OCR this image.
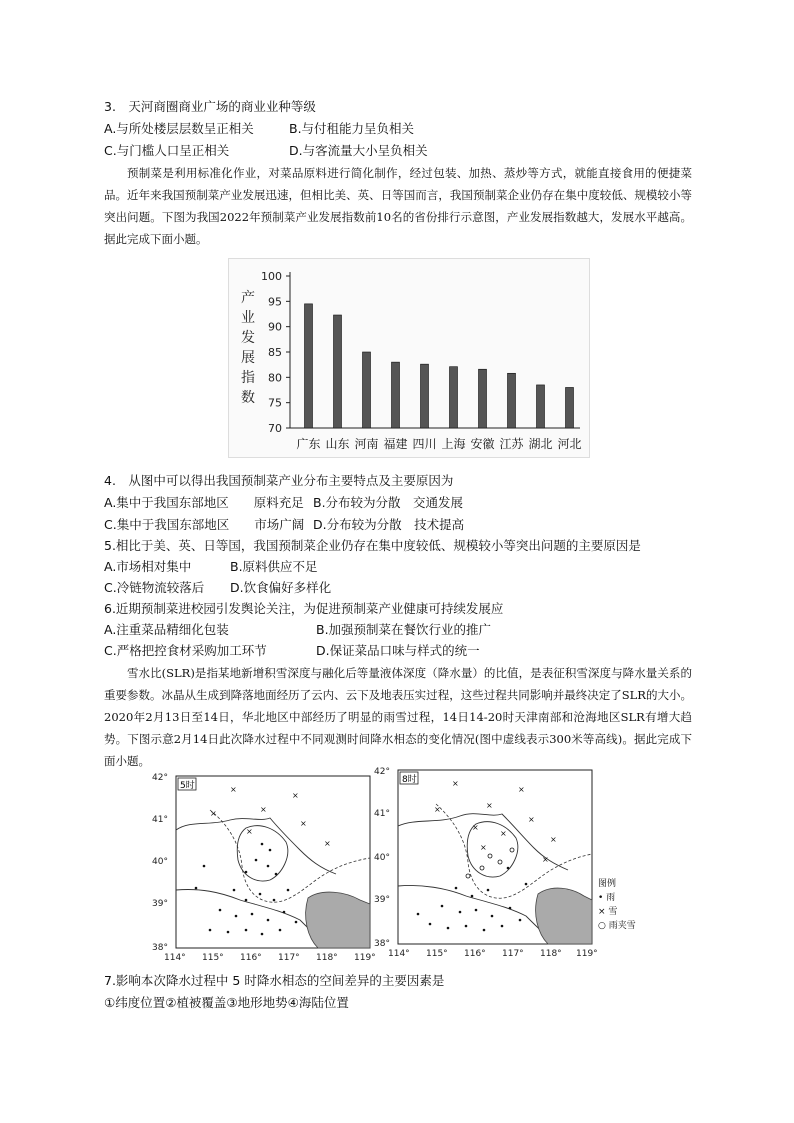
3.　天河商圈商业广场的商业业种等级
A.与所处楼层层数呈正相关	B.与付租能力呈负相关
C.与门槛人口呈正相关	D.与客流量大小呈负相关
预制菜是利用标准化作业，对菜品原料进行简化制作，经过包装、加热、蒸炒等方式，就能直接食用的便捷菜品。近年来我国预制菜产业发展迅速，但相比美、英、日等国而言，我国预制菜企业仍存在集中度较低、规模较小等突出问题。下图为我国2022年预制菜产业发展指数前10名的省份排行示意图，产业发展指数越大，发展水平越高。据此完成下面小题。
产
业
发
展
指
数
70
75
80
85
90
95
100
广东 山东 河南 福建 四川 上海 安徽 江苏 湖北 河北
4.　从图中可以得出我国预制菜产业分布主要特点及主要原因为
A.集中于我国东部地区　　原料充足 B.分布较为分散　交通发展
C.集中于我国东部地区　　市场广阔 D.分布较为分散　技术提高
5.相比于美、英、日等国，我国预制菜企业仍存在集中度较低、规模较小等突出问题的主要原因是
A.市场相对集中	B.原料供应不足
C.冷链物流较落后 D.饮食偏好多样化
6.近期预制菜进校园引发舆论关注，为促进预制菜产业健康可持续发展应
A.注重菜品精细化包装	B.加强预制菜在餐饮行业的推广
C.严格把控食材采购加工环节	D.保证菜品口味与样式的统一
雪水比(SLR)是指某地新增积雪深度与融化后等量液体深度（降水量）的比值，是表征积雪深度与降水量关系的重要参数。冰晶从生成到降落地面经历了云内、云下及地表压实过程，这些过程共同影响并最终决定了SLR的大小。2020年2月13日至14日，华北地区中部经历了明显的雨雪过程，14日14-20时天津南部和沧海地区SLR有增大趋势。下图示意2月14日此次降水过程中不同观测时间降水相态的变化情况(图中虚线表示300米等高线)。据此完成下面小题。
42°
41°
40°
39°
38°
114° 115° 116° 117° 118° 119°
5时	×
×
×	×
×
×
×
42°
41°
40°
39°
38°
114° 115° 116° 117° 118° 119°
8时	×
×
×	×
×
×
×
×
×
×
图例
• 雨
× 雪
○ 雨夹雪
7.影响本次降水过程中 5 时降水相态的空间差异的主要因素是
①纬度位置②植被覆盖③地形地势④海陆位置
